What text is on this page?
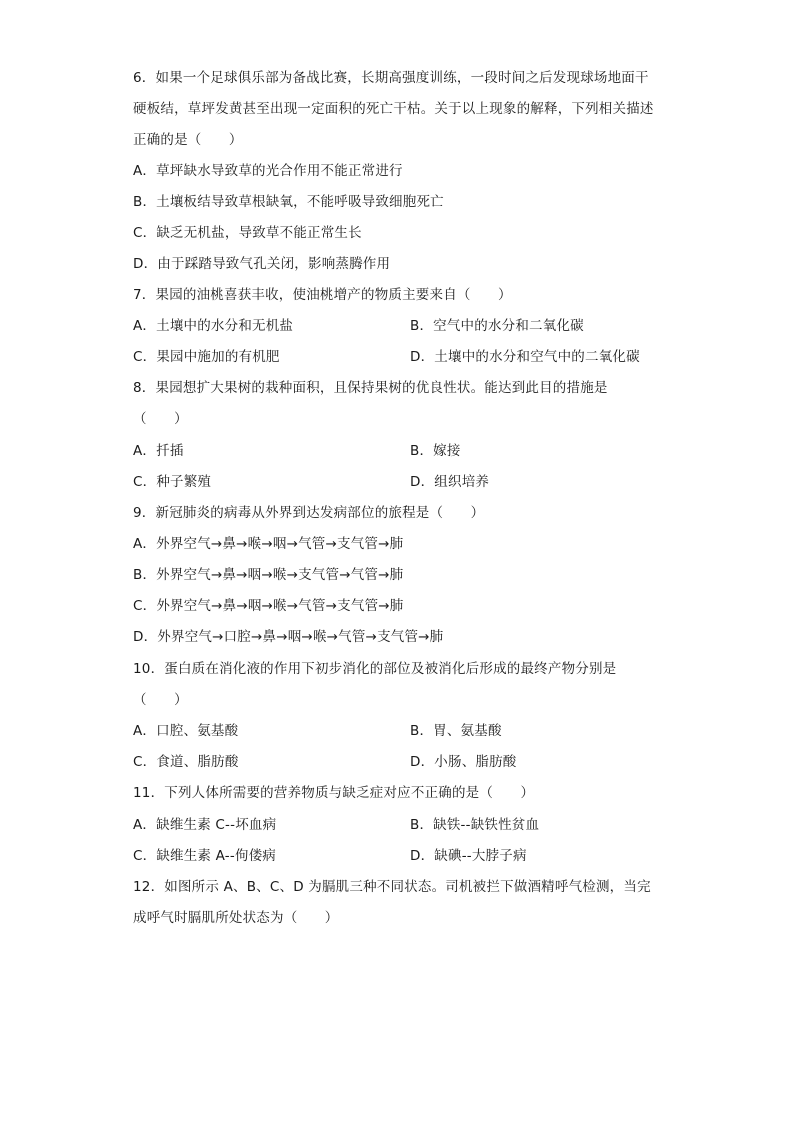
6．如果一个足球俱乐部为备战比赛，长期高强度训练，一段时间之后发现球场地面干
硬板结，草坪发黄甚至出现一定面积的死亡干枯。关于以上现象的解释，下列相关描述
正确的是（　　）
A．草坪缺水导致草的光合作用不能正常进行
B．土壤板结导致草根缺氧，不能呼吸导致细胞死亡
C．缺乏无机盐，导致草不能正常生长
D．由于踩踏导致气孔关闭，影响蒸腾作用
7．果园的油桃喜获丰收，使油桃增产的物质主要来自（　　）
A．土壤中的水分和无机盐	B．空气中的水分和二氧化碳
C．果园中施加的有机肥	D．土壤中的水分和空气中的二氧化碳
8．果园想扩大果树的栽种面积，且保持果树的优良性状。能达到此目的措施是
（　　）
A．扦插	B．嫁接
C．种子繁殖	D．组织培养
9．新冠肺炎的病毒从外界到达发病部位的旅程是（　　）
A．外界空气→鼻→喉→咽→气管→支气管→肺
B．外界空气→鼻→咽→喉→支气管→气管→肺
C．外界空气→鼻→咽→喉→气管→支气管→肺
D．外界空气→口腔→鼻→咽→喉→气管→支气管→肺
10．蛋白质在消化液的作用下初步消化的部位及被消化后形成的最终产物分别是
（　　）
A．口腔、氨基酸	B．胃、氨基酸
C．食道、脂肪酸	D．小肠、脂肪酸
11．下列人体所需要的营养物质与缺乏症对应不正确的是（　　）
A．缺维生素 C--坏血病	B．缺铁--缺铁性贫血
C．缺维生素 A--佝偻病	D．缺碘--大脖子病
12．如图所示 A、B、C、D 为膈肌三种不同状态。司机被拦下做酒精呼气检测，当完
成呼气时膈肌所处状态为（　　）
